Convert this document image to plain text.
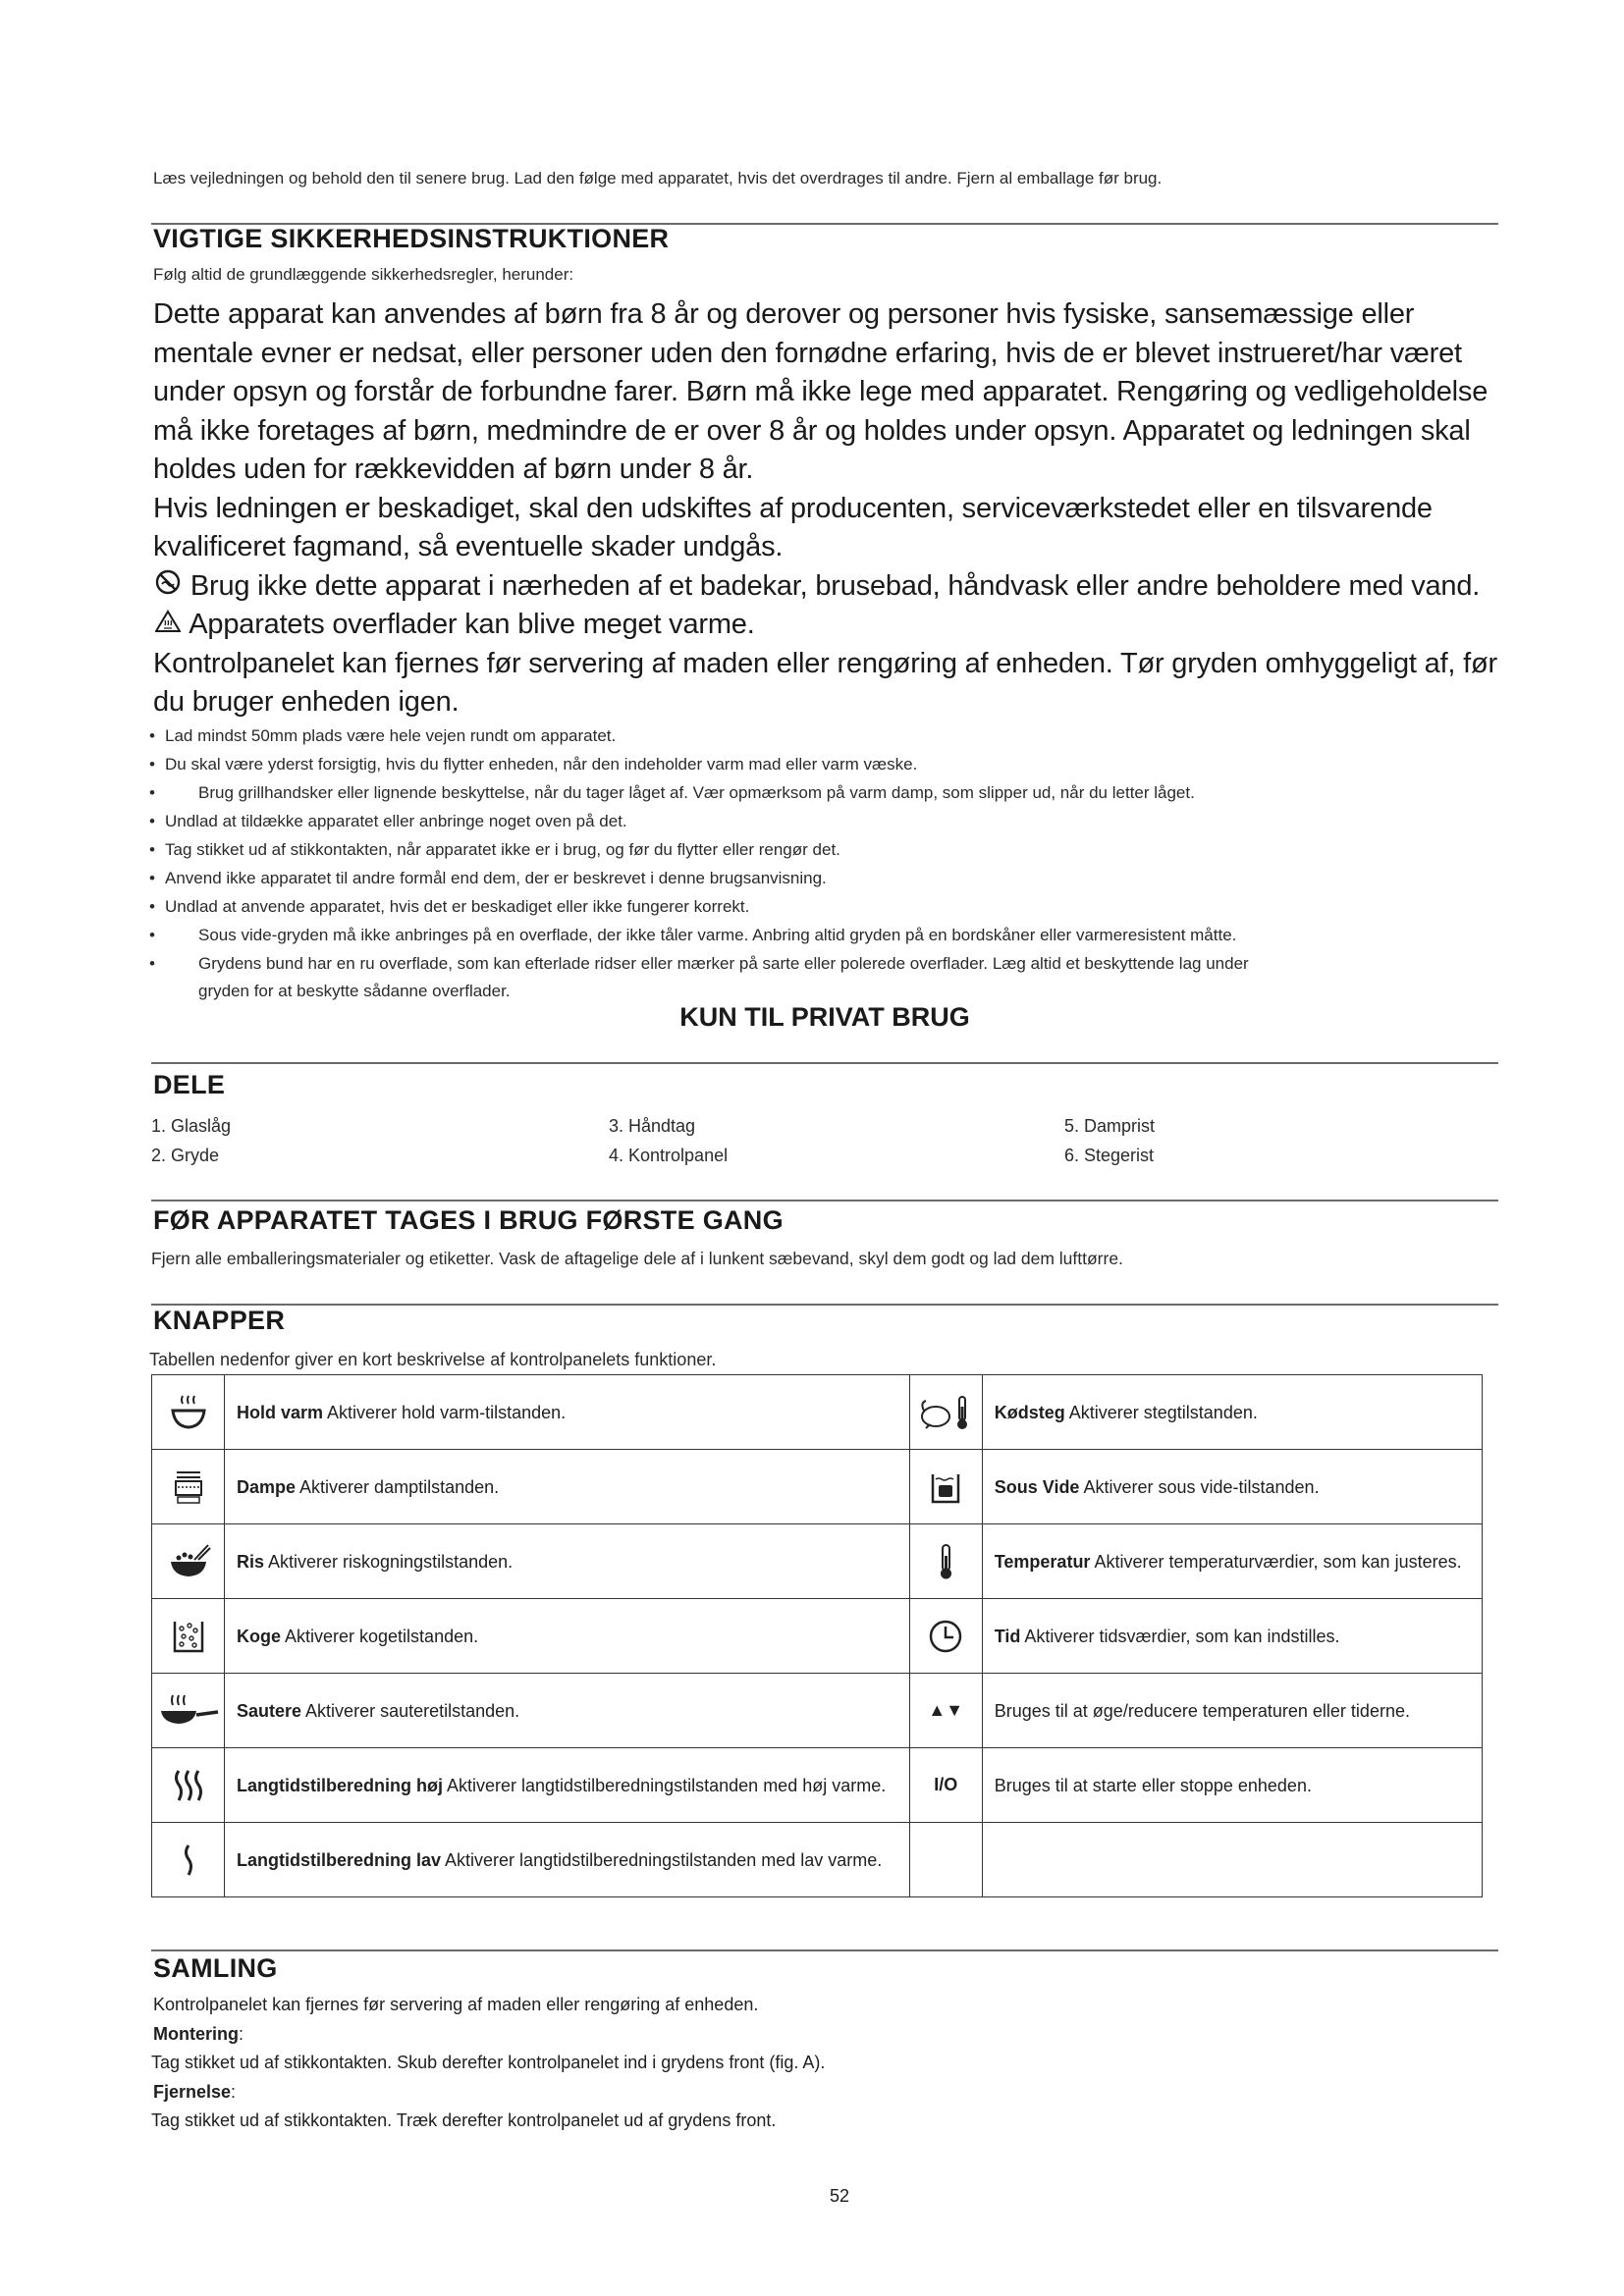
Læs vejledningen og behold den til senere brug. Lad den følge med apparatet, hvis det overdrages til andre. Fjern al emballage før brug.
VIGTIGE SIKKERHEDSINSTRUKTIONER
Følg altid de grundlæggende sikkerhedsregler, herunder:

Dette apparat kan anvendes af børn fra 8 år og derover og personer hvis fysiske, sansemæssige eller mentale evner er nedsat, eller personer uden den fornødne erfaring, hvis de er blevet instrueret/har været under opsyn og forstår de forbundne farer. Børn må ikke lege med apparatet. Rengøring og vedligeholdelse må ikke foretages af børn, medmindre de er over 8 år og holdes under opsyn. Apparatet og ledningen skal holdes uden for rækkevidden af børn under 8 år.

Hvis ledningen er beskadiget, skal den udskiftes af producenten, serviceværkstedet eller en tilsvarende kvalificeret fagmand, så eventuelle skader undgås.

Brug ikke dette apparat i nærheden af et badekar, brusebad, håndvask eller andre beholdere med vand.

Apparatets overflader kan blive meget varme.

Kontrolpanelet kan fjernes før servering af maden eller rengøring af enheden. Tør gryden omhyggeligt af, før du bruger enheden igen.

• Lad mindst 50mm plads være hele vejen rundt om apparatet.
• Du skal være yderst forsigtig, hvis du flytter enheden, når den indeholder varm mad eller varm væske.
• Brug grillhandsker eller lignende beskyttelse, når du tager låget af. Vær opmærksom på varm damp, som slipper ud, når du letter låget.
• Undlad at tildække apparatet eller anbringe noget oven på det.
• Tag stikket ud af stikkontakten, når apparatet ikke er i brug, og før du flytter eller rengør det.
• Anvend ikke apparatet til andre formål end dem, der er beskrevet i denne brugsanvisning.
• Undlad at anvende apparatet, hvis det er beskadiget eller ikke fungerer korrekt.
• Sous vide-gryden må ikke anbringes på en overflade, der ikke tåler varme. Anbring altid gryden på en bordskåner eller varmeresistent måtte.
• Grydens bund har en ru overflade, som kan efterlade ridser eller mærker på sarte eller polerede overflader. Læg altid et beskyttende lag under
gryden for at beskytte sådanne overflader.
KUN TIL PRIVAT BRUG
DELE
1. Glaslåg
2. Gryde
3. Håndtag
4. Kontrolpanel
5. Damprist
6. Stegerist
FØR APPARATET TAGES I BRUG FØRSTE GANG
Fjern alle emballeringsmaterialer og etiketter. Vask de aftagelige dele af i lunkent sæbevand, skyl dem godt og lad dem lufttørre.
KNAPPER
Tabellen nedenfor giver en kort beskrivelse af kontrolpanelets funktioner.
	Hold varm Aktiverer hold varm-tilstanden.		Kødsteg Aktiverer stegtilstanden.

	Dampe Aktiverer damptilstanden.		Sous Vide Aktiverer sous vide-tilstanden.

	Ris Aktiverer riskogningstilstanden.		Temperatur Aktiverer temperaturværdier, som kan justeres.

	Koge Aktiverer kogetilstanden.		Tid Aktiverer tidsværdier, som kan indstilles.

	Sautere Aktiverer sauteretilstanden.	▲▼	Bruges til at øge/reducere temperaturen eller tiderne.

	Langtidstilberedning høj Aktiverer langtidstilberedningstilstanden med høj varme.	I/O	Bruges til at starte eller stoppe enheden.

	Langtidstilberedning lav Aktiverer langtidstilberedningstilstanden med lav varme.		
SAMLING

Kontrolpanelet kan fjernes før servering af maden eller rengøring af enheden.

Montering:

Tag stikket ud af stikkontakten. Skub derefter kontrolpanelet ind i grydens front (fig. A).

Fjernelse:

Tag stikket ud af stikkontakten. Træk derefter kontrolpanelet ud af grydens front.

52
